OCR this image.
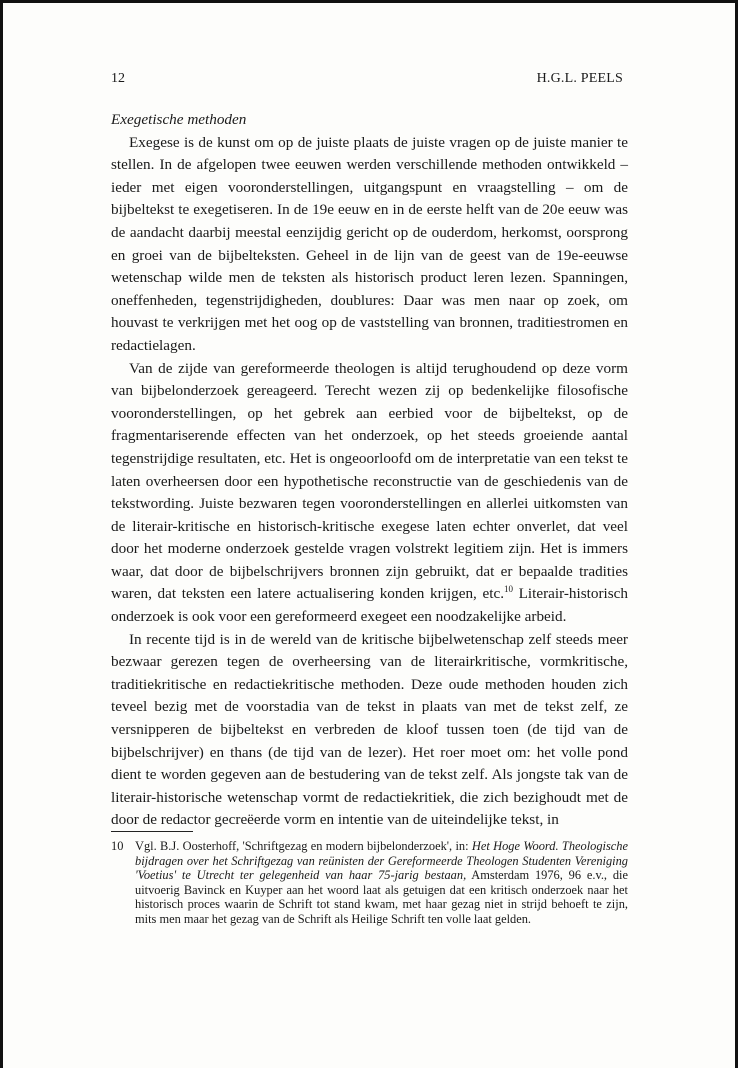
12	H.G.L. PEELS

Exegetische methoden

Exegese is de kunst om op de juiste plaats de juiste vragen op de juiste manier te stellen. In de afgelopen twee eeuwen werden verschillende methoden ontwikkeld – ieder met eigen vooronderstellingen, uitgangspunt en vraagstelling – om de bijbeltekst te exegetiseren. In de 19e eeuw en in de eerste helft van de 20e eeuw was de aandacht daarbij meestal eenzijdig gericht op de ouderdom, herkomst, oorsprong en groei van de bijbelteksten. Geheel in de lijn van de geest van de 19e-eeuwse wetenschap wilde men de teksten als historisch product leren lezen. Spanningen, oneffenheden, tegenstrijdigheden, doublures: Daar was men naar op zoek, om houvast te verkrijgen met het oog op de vaststelling van bronnen, traditiestromen en redactielagen.

Van de zijde van gereformeerde theologen is altijd terughoudend op deze vorm van bijbelonderzoek gereageerd. Terecht wezen zij op bedenkelijke filosofische vooronderstellingen, op het gebrek aan eerbied voor de bijbeltekst, op de fragmentariserende effecten van het onderzoek, op het steeds groeiende aantal tegenstrijdige resultaten, etc. Het is ongeoorloofd om de interpretatie van een tekst te laten overheersen door een hypothetische reconstructie van de geschiedenis van de tekstwording. Juiste bezwaren tegen vooronderstellingen en allerlei uitkomsten van de literair-kritische en historisch-kritische exegese laten echter onverlet, dat veel door het moderne onderzoek gestelde vragen volstrekt legitiem zijn. Het is immers waar, dat door de bijbelschrijvers bronnen zijn gebruikt, dat er bepaalde tradities waren, dat teksten een latere actualisering konden krijgen, etc.$^{10}$ Literair-historisch onderzoek is ook voor een gereformeerd exegeet een noodzakelijke arbeid.

In recente tijd is in de wereld van de kritische bijbelwetenschap zelf steeds meer bezwaar gerezen tegen de overheersing van de literairkritische, vormkritische, traditiekritische en redactiekritische methoden. Deze oude methoden houden zich teveel bezig met de voorstadia van de tekst in plaats van met de tekst zelf, ze versnipperen de bijbeltekst en verbreden de kloof tussen toen (de tijd van de bijbelschrijver) en thans (de tijd van de lezer). Het roer moet om: het volle pond dient te worden gegeven aan de bestudering van de tekst zelf. Als jongste tak van de literair-historische wetenschap vormt de redactiekritiek, die zich bezighoudt met de door de redactor gecreëerde vorm en intentie van de uiteindelijke tekst, in

10 Vgl. B.J. Oosterhoff, 'Schriftgezag en modern bijbelonderzoek', in: Het Hoge Woord. Theologische bijdragen over het Schriftgezag van reünisten der Gereformeerde Theologen Studenten Vereniging 'Voetius' te Utrecht ter gelegenheid van haar 75-jarig bestaan, Amsterdam 1976, 96 e.v., die uitvoerig Bavinck en Kuyper aan het woord laat als getuigen dat een kritisch onderzoek naar het historisch proces waarin de Schrift tot stand kwam, met haar gezag niet in strijd behoeft te zijn, mits men maar het gezag van de Schrift als Heilige Schrift ten volle laat gelden.
